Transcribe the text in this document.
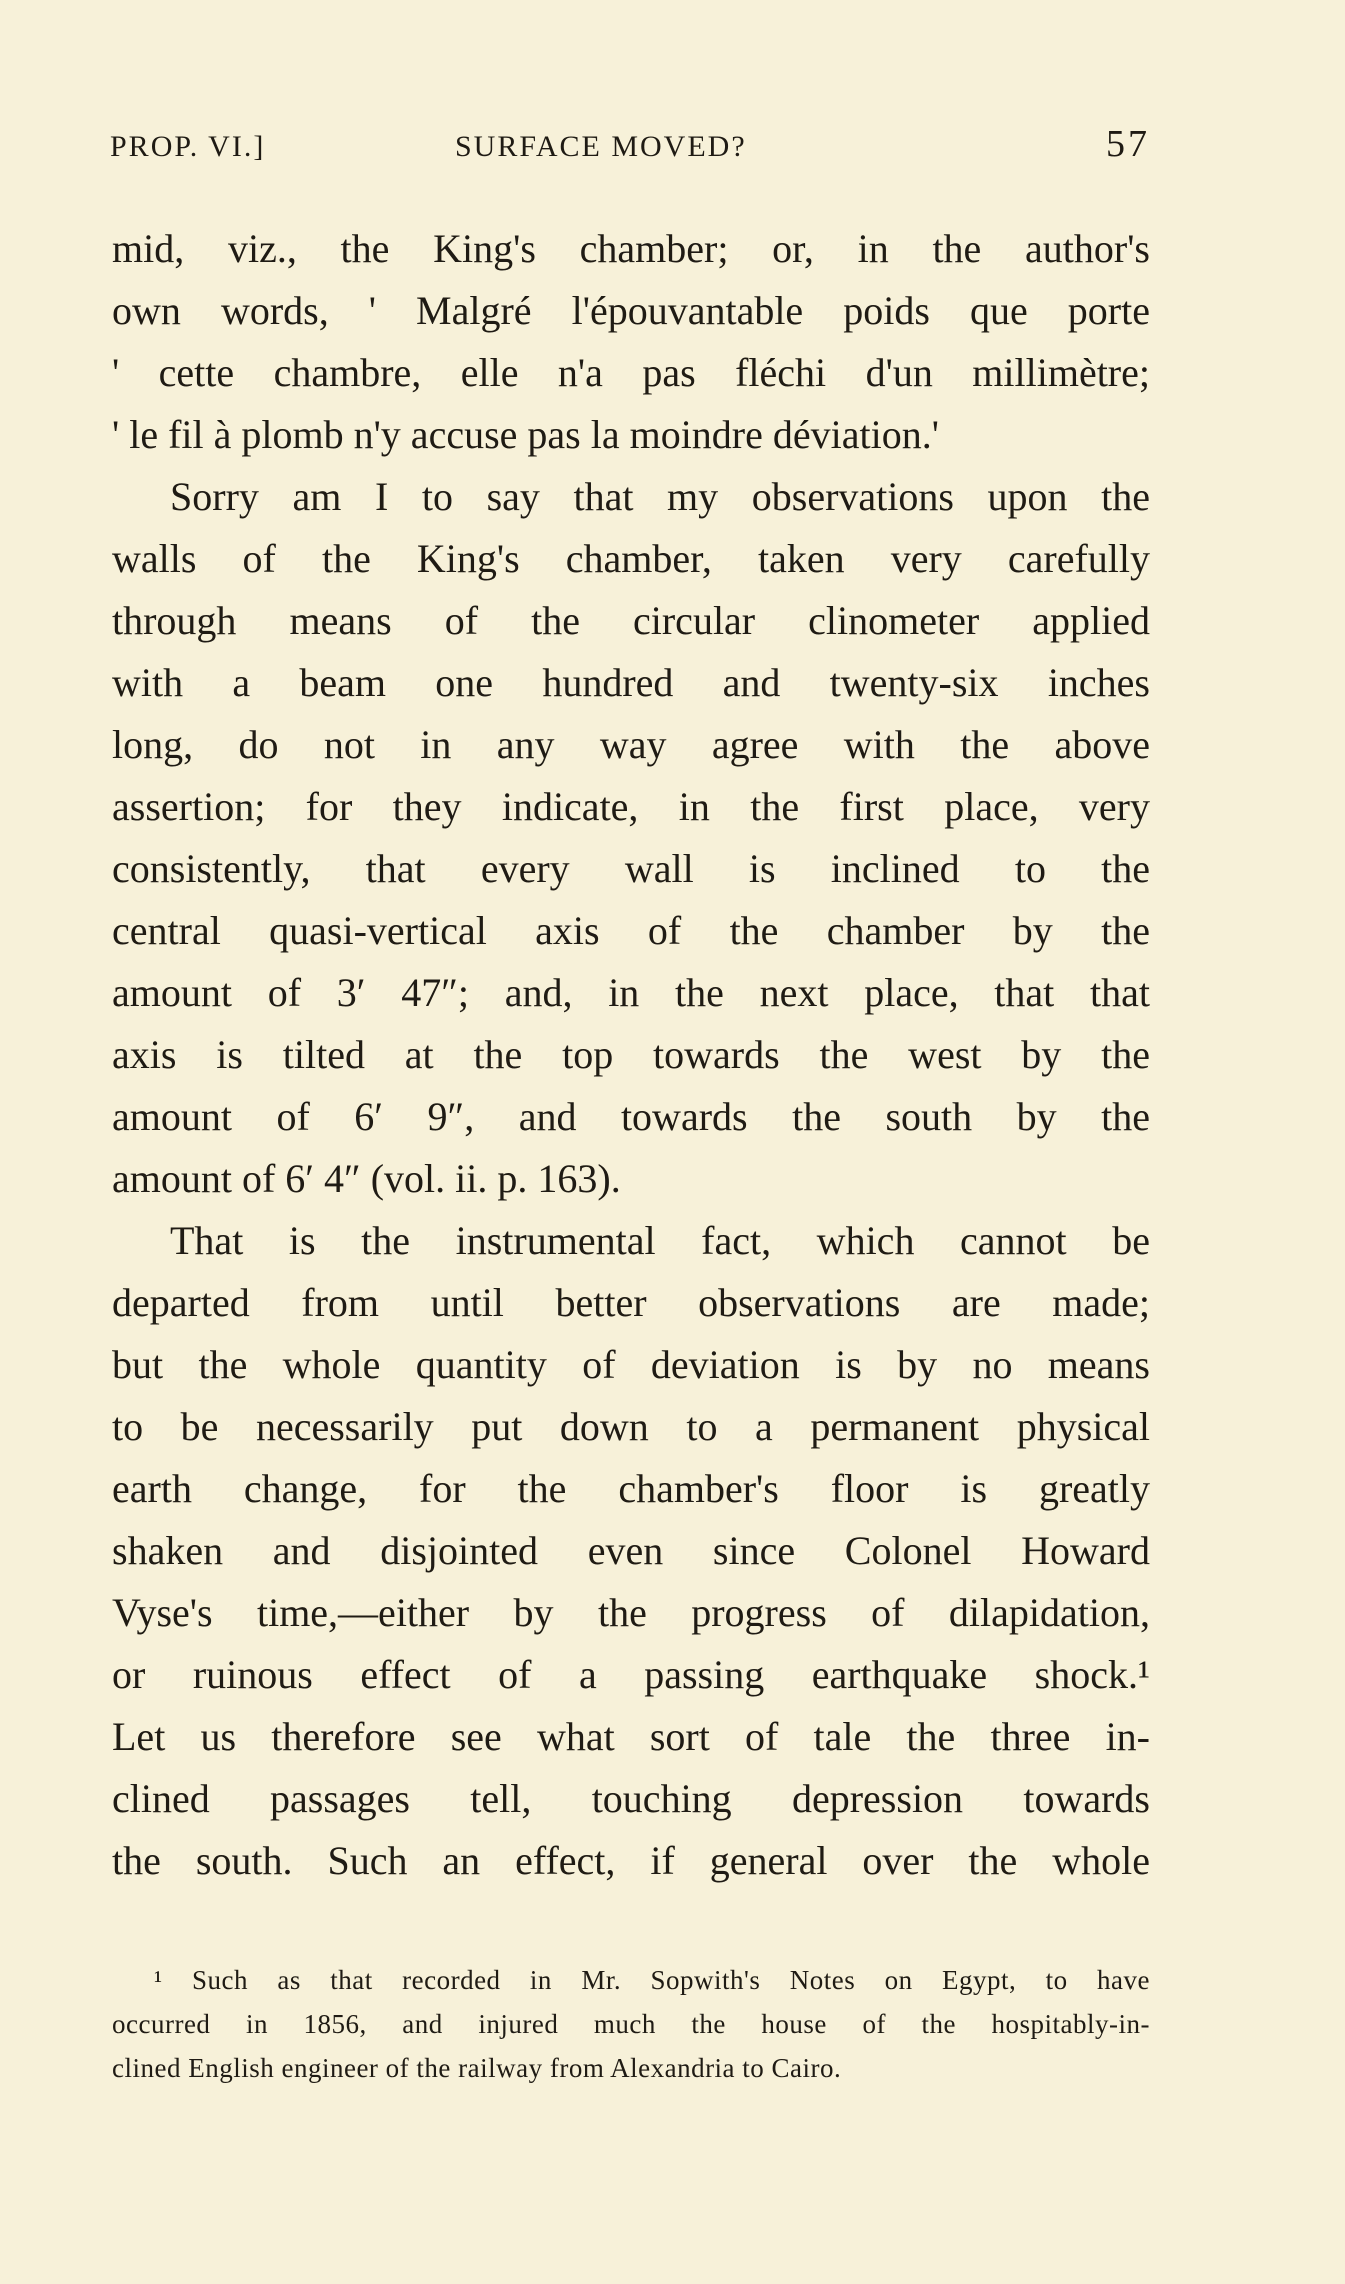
PROP. VI.]	SURFACE MOVED?	57
mid, viz., the King's chamber; or, in the author's
own words, ' Malgré l'épouvantable poids que porte
' cette chambre, elle n'a pas fléchi d'un millimètre;
' le fil à plomb n'y accuse pas la moindre déviation.'
Sorry am I to say that my observations upon the
walls of the King's chamber, taken very carefully
through means of the circular clinometer applied
with a beam one hundred and twenty-six inches
long, do not in any way agree with the above
assertion; for they indicate, in the first place, very
consistently, that every wall is inclined to the
central quasi-vertical axis of the chamber by the
amount of 3′ 47″; and, in the next place, that that
axis is tilted at the top towards the west by the
amount of 6′ 9″, and towards the south by the
amount of 6′ 4″ (vol. ii. p. 163).
That is the instrumental fact, which cannot be
departed from until better observations are made;
but the whole quantity of deviation is by no means
to be necessarily put down to a permanent physical
earth change, for the chamber's floor is greatly
shaken and disjointed even since Colonel Howard
Vyse's time,—either by the progress of dilapidation,
or ruinous effect of a passing earthquake shock.¹
Let us therefore see what sort of tale the three in-
clined passages tell, touching depression towards
the south. Such an effect, if general over the whole
¹ Such as that recorded in Mr. Sopwith's Notes on Egypt, to have
occurred in 1856, and injured much the house of the hospitably-in-
clined English engineer of the railway from Alexandria to Cairo.
